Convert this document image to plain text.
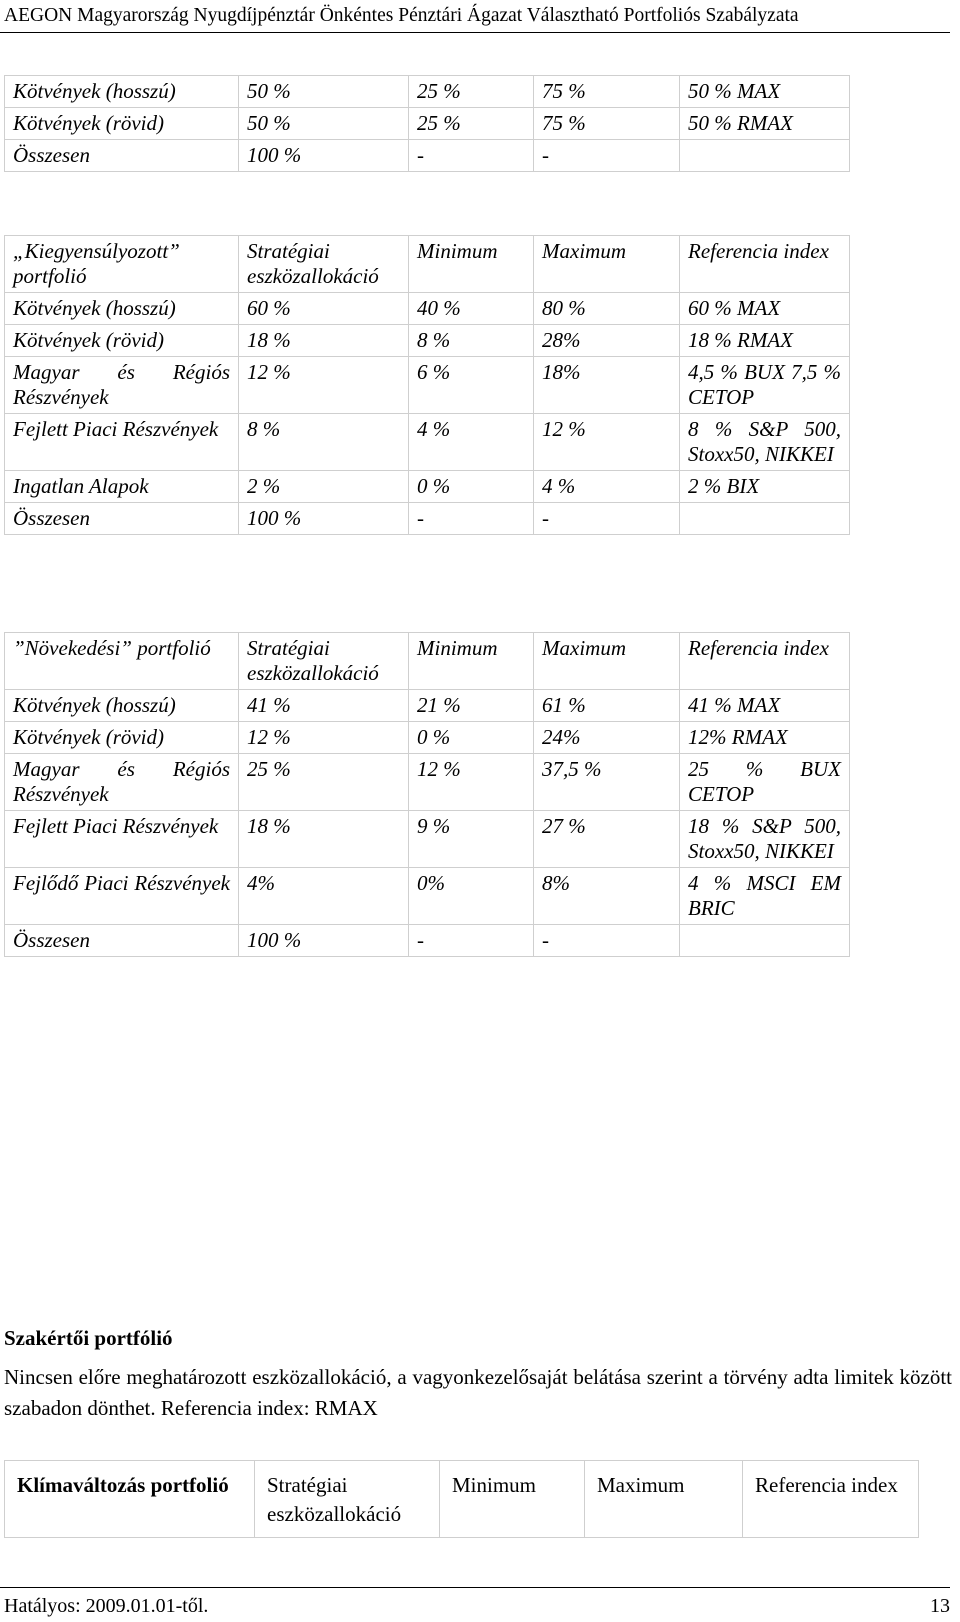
AEGON Magyarország Nyugdíjpénztár Önkéntes Pénztári Ágazat Választható Portfoliós Szabályzata
Kötvények (hosszú)	50 %	25 %	75 %	50 % MAX
Kötvények (rövid)	50 %	25 %	75 %	50 % RMAX
Összesen	100 %	-	-	
„Kiegyensúlyozott” portfolió	Stratégiai eszközallokáció	Minimum	Maximum	Referencia index
Kötvények (hosszú)	60 %	40 %	80 %	60 % MAX
Kötvények (rövid)	18 %	8 %	28%	18 % RMAX
Magyar és Régiós Részvények	12 %	6 %	18%	4,5 % BUX 7,5 % CETOP
Fejlett Piaci Részvények	8 %	4 %	12 %	8 % S&P 500, Stoxx50, NIKKEI
Ingatlan Alapok	2 %	0 %	4 %	2 % BIX
Összesen	100 %	-	-	
”Növekedési” portfolió	Stratégiai eszközallokáció	Minimum	Maximum	Referencia index
Kötvények (hosszú)	41 %	21 %	61 %	41 % MAX
Kötvények (rövid)	12 %	0 %	24%	12% RMAX
Magyar és Régiós Részvények	25 %	12 %	37,5 %	25 % BUX CETOP
Fejlett Piaci Részvények	18 %	9 %	27 %	18 % S&P 500, Stoxx50, NIKKEI
Fejlődő Piaci Részvények	4%	0%	8%	4 % MSCI EM BRIC
Összesen	100 %	-	-	

Szakértői portfólió

Nincsen előre meghatározott eszközallokáció, a vagyonkezelősaját belátása szerint a törvény adta limitek között szabadon dönthet. Referencia index: RMAX

Klímaváltozás portfolió	Stratégiai eszközallokáció	Minimum	Maximum	Referencia index
Hatályos: 2009.01.01-től.	13
